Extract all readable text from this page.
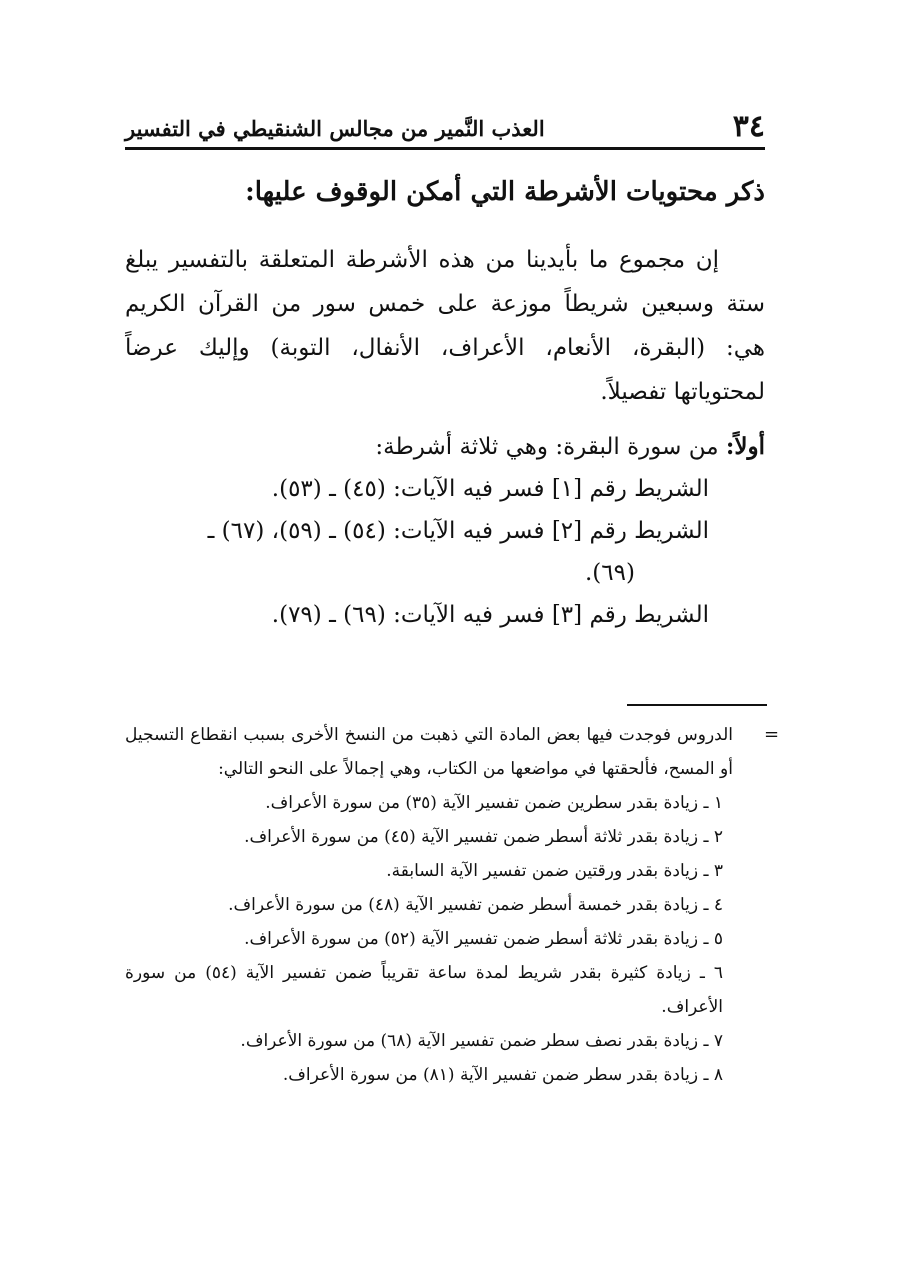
٣٤
العذب النَّمير من مجالس الشنقيطي في التفسير
ذكر محتويات الأشرطة التي أمكن الوقوف عليها:
إن مجموع ما بأيدينا من هذه الأشرطة المتعلقة بالتفسير يبلغ ستة وسبعين شريطاً موزعة على خمس سور من القرآن الكريم هي: (البقرة، الأنعام، الأعراف، الأنفال، التوبة) وإليك عرضاً لمحتوياتها تفصيلاً.
أولاً: من سورة البقرة: وهي ثلاثة أشرطة:
الشريط رقم [١] فسر فيه الآيات: (٤٥) ـ (٥٣).
الشريط رقم [٢] فسر فيه الآيات: (٥٤) ـ (٥٩)، (٦٧) ـ
(٦٩).
الشريط رقم [٣] فسر فيه الآيات: (٦٩) ـ (٧٩).
=
الدروس فوجدت فيها بعض المادة التي ذهبت من النسخ الأخرى بسبب انقطاع التسجيل أو المسح، فألحقتها في مواضعها من الكتاب، وهي إجمالاً على النحو التالي:
١ ـ زيادة بقدر سطرين ضمن تفسير الآية (٣٥) من سورة الأعراف.
٢ ـ زيادة بقدر ثلاثة أسطر ضمن تفسير الآية (٤٥) من سورة الأعراف.
٣ ـ زيادة بقدر ورقتين ضمن تفسير الآية السابقة.
٤ ـ زيادة بقدر خمسة أسطر ضمن تفسير الآية (٤٨) من سورة الأعراف.
٥ ـ زيادة بقدر ثلاثة أسطر ضمن تفسير الآية (٥٢) من سورة الأعراف.
٦ ـ زيادة كثيرة بقدر شريط لمدة ساعة تقريباً ضمن تفسير الآية (٥٤) من سورة الأعراف.
٧ ـ زيادة بقدر نصف سطر ضمن تفسير الآية (٦٨) من سورة الأعراف.
٨ ـ زيادة بقدر سطر ضمن تفسير الآية (٨١) من سورة الأعراف.
